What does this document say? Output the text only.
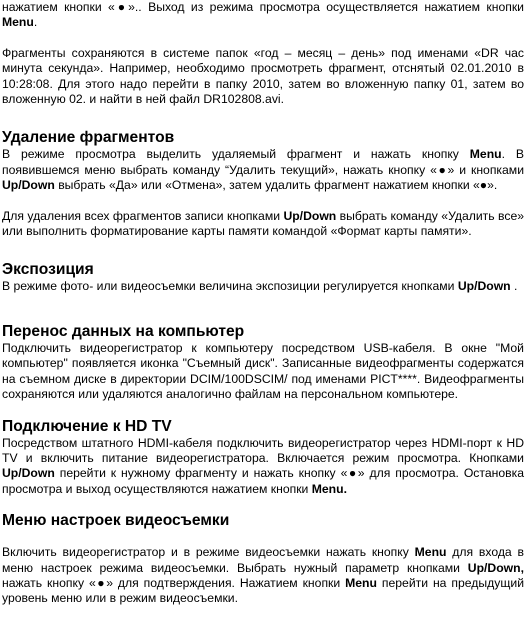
нажатием кнопки «●».. Выход из режима просмотра осуществляется нажатием кнопки Menu.

Фрагменты сохраняются в системе папок «год – месяц – день» под именами «DR час минута секунда». Например, необходимо просмотреть фрагмент, отснятый 02.01.2010 в 10:28:08. Для этого надо перейти в папку 2010, затем во вложенную папку 01, затем во вложенную 02. и найти в ней файл DR102808.avi.

Удаление фрагментов

В режиме просмотра выделить удаляемый фрагмент и нажать кнопку Menu. В появившемся меню выбрать команду “Удалить текущий», нажать кнопку «●» и кнопками Up/Down выбрать «Да» или «Отмена», затем удалить фрагмент нажатием кнопки «●».

Для удаления всех фрагментов записи кнопками Up/Down выбрать команду «Удалить все» или выполнить форматирование карты памяти командой «Формат карты памяти».

Экспозиция

В режиме фото- или видеосъемки величина экспозиции регулируется кнопками Up/Down .

Перенос данных на компьютер

Подключить видеорегистратор к компьютеру посредством USB-кабеля. В окне "Мой компьютер" появляется иконка "Съемный диск". Записанные видеофрагменты содержатся на съемном диске в директории DCIM/100DSCIM/ под именами PICT****. Видеофрагменты сохраняются или удаляются аналогично файлам на персональном компьютере.

Подключение к HD TV

Посредством штатного HDMI-кабеля подключить видеорегистратор через HDMI-порт к HD TV и включить питание видеорегистратора. Включается режим просмотра. Кнопками Up/Down перейти к нужному фрагменту и нажать кнопку «●» для просмотра. Остановка просмотра и выход осуществляются нажатием кнопки Menu.

Меню настроек видеосъемки

Включить видеорегистратор и в режиме видеосъемки нажать кнопку Menu для входа в меню настроек режима видеосъемки. Выбрать нужный параметр кнопками Up/Down, нажать кнопку «●» для подтверждения. Нажатием кнопки Menu перейти на предыдущий уровень меню или в режим видеосъемки.
